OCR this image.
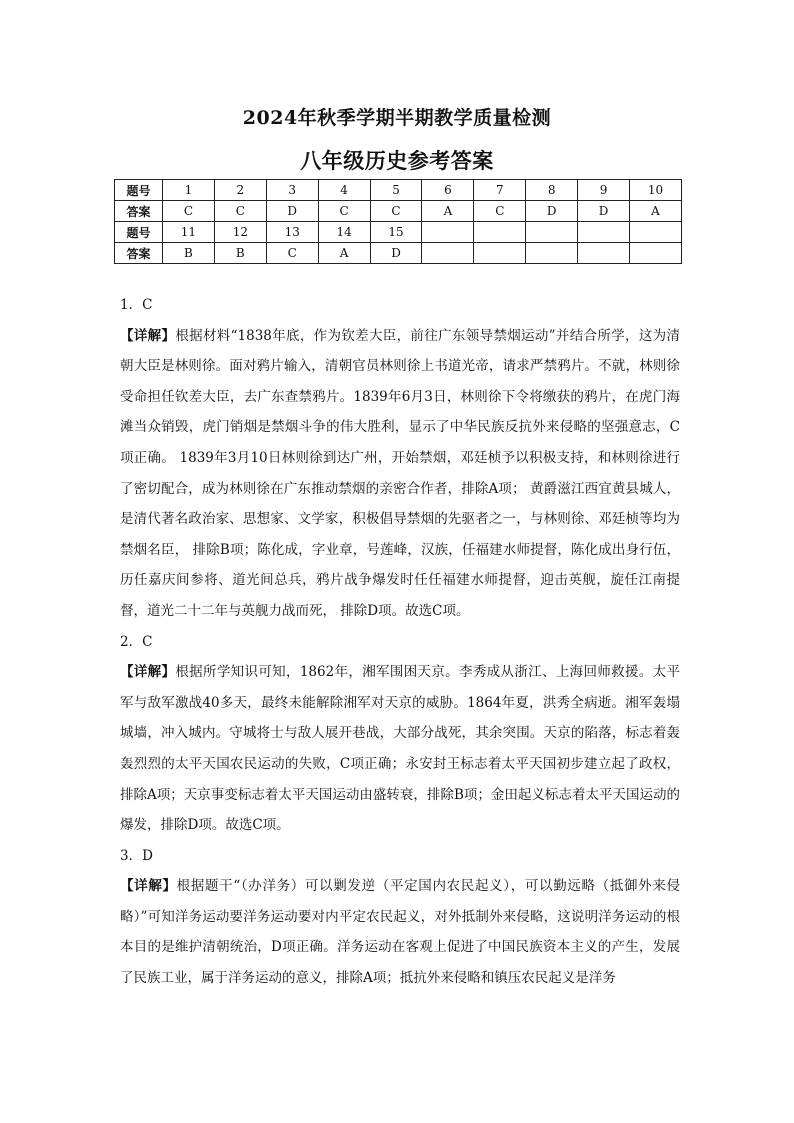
2024年秋季学期半期教学质量检测
八年级历史参考答案
题号	1	2	3	4	5	6	7	8	9	10
答案	C	C	D	C	C	A	C	D	D	A
题号	11	12	13	14	15					
答案	B	B	C	A	D					

1．C

【详解】根据材料“1838年底，作为钦差大臣，前往广东领导禁烟运动”并结合所学，这为清朝大臣是林则徐。面对鸦片输入，清朝官员林则徐上书道光帝，请求严禁鸦片。不就，林则徐受命担任钦差大臣，去广东查禁鸦片。1839年6月3日，林则徐下令将缴获的鸦片，在虎门海滩当众销毁，虎门销烟是禁烟斗争的伟大胜利，显示了中华民族反抗外来侵略的坚强意志，C项正确。 1839年3月10日林则徐到达广州，开始禁烟，邓廷桢予以积极支持，和林则徐进行了密切配合，成为林则徐在广东推动禁烟的亲密合作者，排除A项； 黄爵滋江西宜黄县城人，是清代著名政治家、思想家、文学家，积极倡导禁烟的先驱者之一，与林则徐、邓廷桢等均为禁烟名臣， 排除B项；陈化成，字业章，号莲峰，汉族，任福建水师提督，陈化成出身行伍，历任嘉庆间参将、道光间总兵，鸦片战争爆发时任任福建水师提督，迎击英舰，旋任江南提督，道光二十二年与英舰力战而死， 排除D项。故选C项。

2．C

【详解】根据所学知识可知，1862年，湘军围困天京。李秀成从浙江、上海回师救援。太平军与敌军激战40多天，最终未能解除湘军对天京的威胁。1864年夏，洪秀全病逝。湘军轰塌城墙，冲入城内。守城将士与敌人展开巷战，大部分战死，其余突围。天京的陷落，标志着轰轰烈烈的太平天国农民运动的失败，C项正确；永安封王标志着太平天国初步建立起了政权，排除A项；天京事变标志着太平天国运动由盛转衰，排除B项；金田起义标志着太平天国运动的爆发，排除D项。故选C项。

3．D

【详解】根据题干“（办洋务）可以剿发逆（平定国内农民起义），可以勤远略（抵御外来侵略）”可知洋务运动要洋务运动要对内平定农民起义，对外抵制外来侵略，这说明洋务运动的根本目的是维护清朝统治，D项正确。洋务运动在客观上促进了中国民族资本主义的产生，发展了民族工业，属于洋务运动的意义，排除A项；抵抗外来侵略和镇压农民起义是洋务
